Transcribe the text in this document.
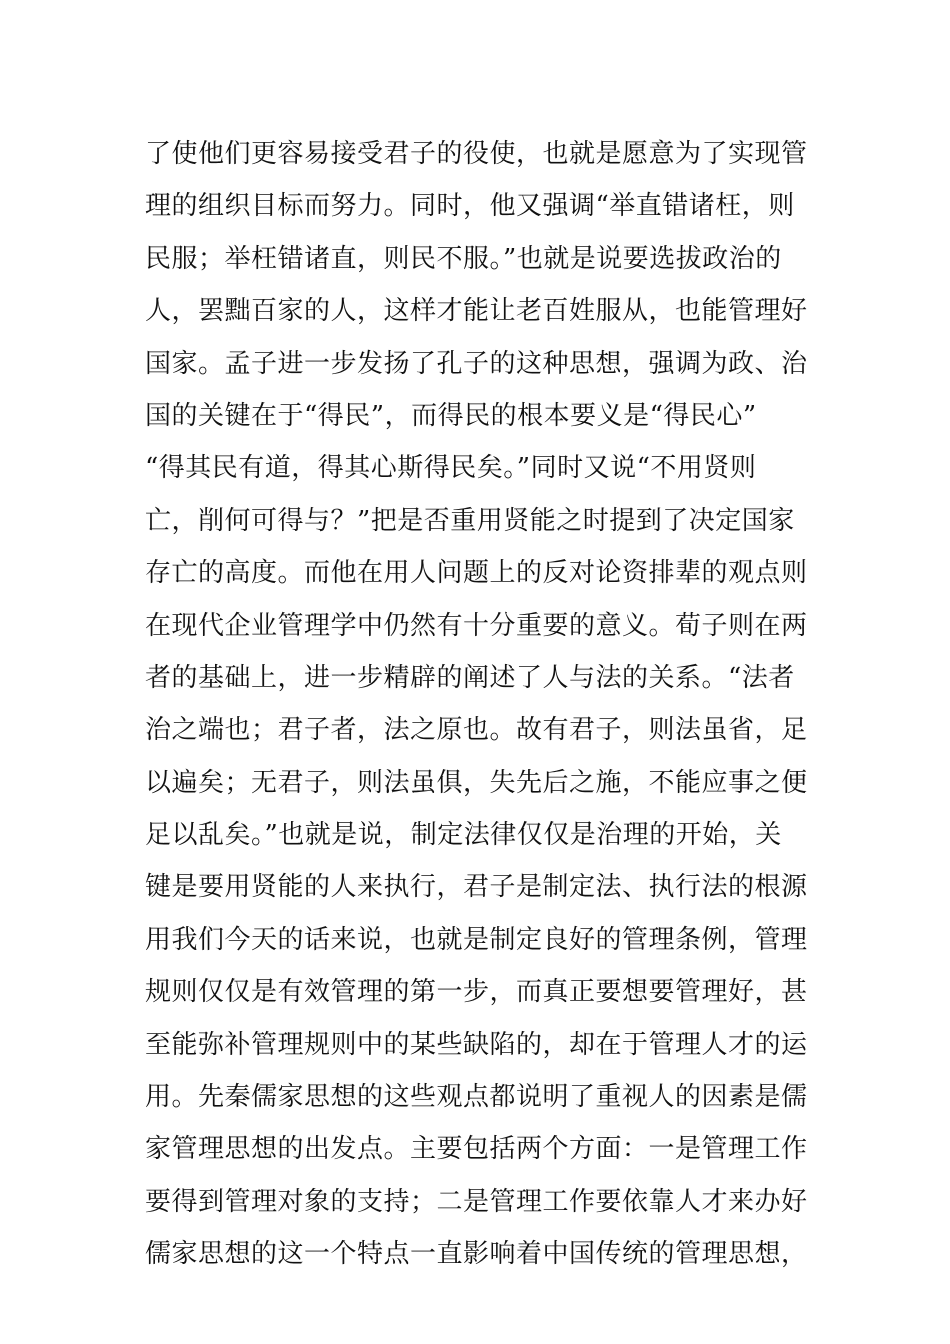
了使他们更容易接受君子的役使，也就是愿意为了实现管
理的组织目标而努力。同时，他又强调“举直错诸枉，则
民服；举枉错诸直，则民不服。”也就是说要选拔政治的
人，罢黜百家的人，这样才能让老百姓服从，也能管理好
国家。孟子进一步发扬了孔子的这种思想，强调为政、治
国的关键在于“得民”，而得民的根本要义是“得民心”
“得其民有道，得其心斯得民矣。”同时又说“不用贤则
亡，削何可得与？”把是否重用贤能之时提到了决定国家
存亡的高度。而他在用人问题上的反对论资排辈的观点则
在现代企业管理学中仍然有十分重要的意义。荀子则在两
者的基础上，进一步精辟的阐述了人与法的关系。“法者
治之端也；君子者，法之原也。故有君子，则法虽省，足
以遍矣；无君子，则法虽俱，失先后之施，不能应事之便
足以乱矣。”也就是说，制定法律仅仅是治理的开始，关
键是要用贤能的人来执行，君子是制定法、执行法的根源
用我们今天的话来说，也就是制定良好的管理条例，管理
规则仅仅是有效管理的第一步，而真正要想要管理好，甚
至能弥补管理规则中的某些缺陷的，却在于管理人才的运
用。先秦儒家思想的这些观点都说明了重视人的因素是儒
家管理思想的出发点。主要包括两个方面：一是管理工作
要得到管理对象的支持；二是管理工作要依靠人才来办好
儒家思想的这一个特点一直影响着中国传统的管理思想，
